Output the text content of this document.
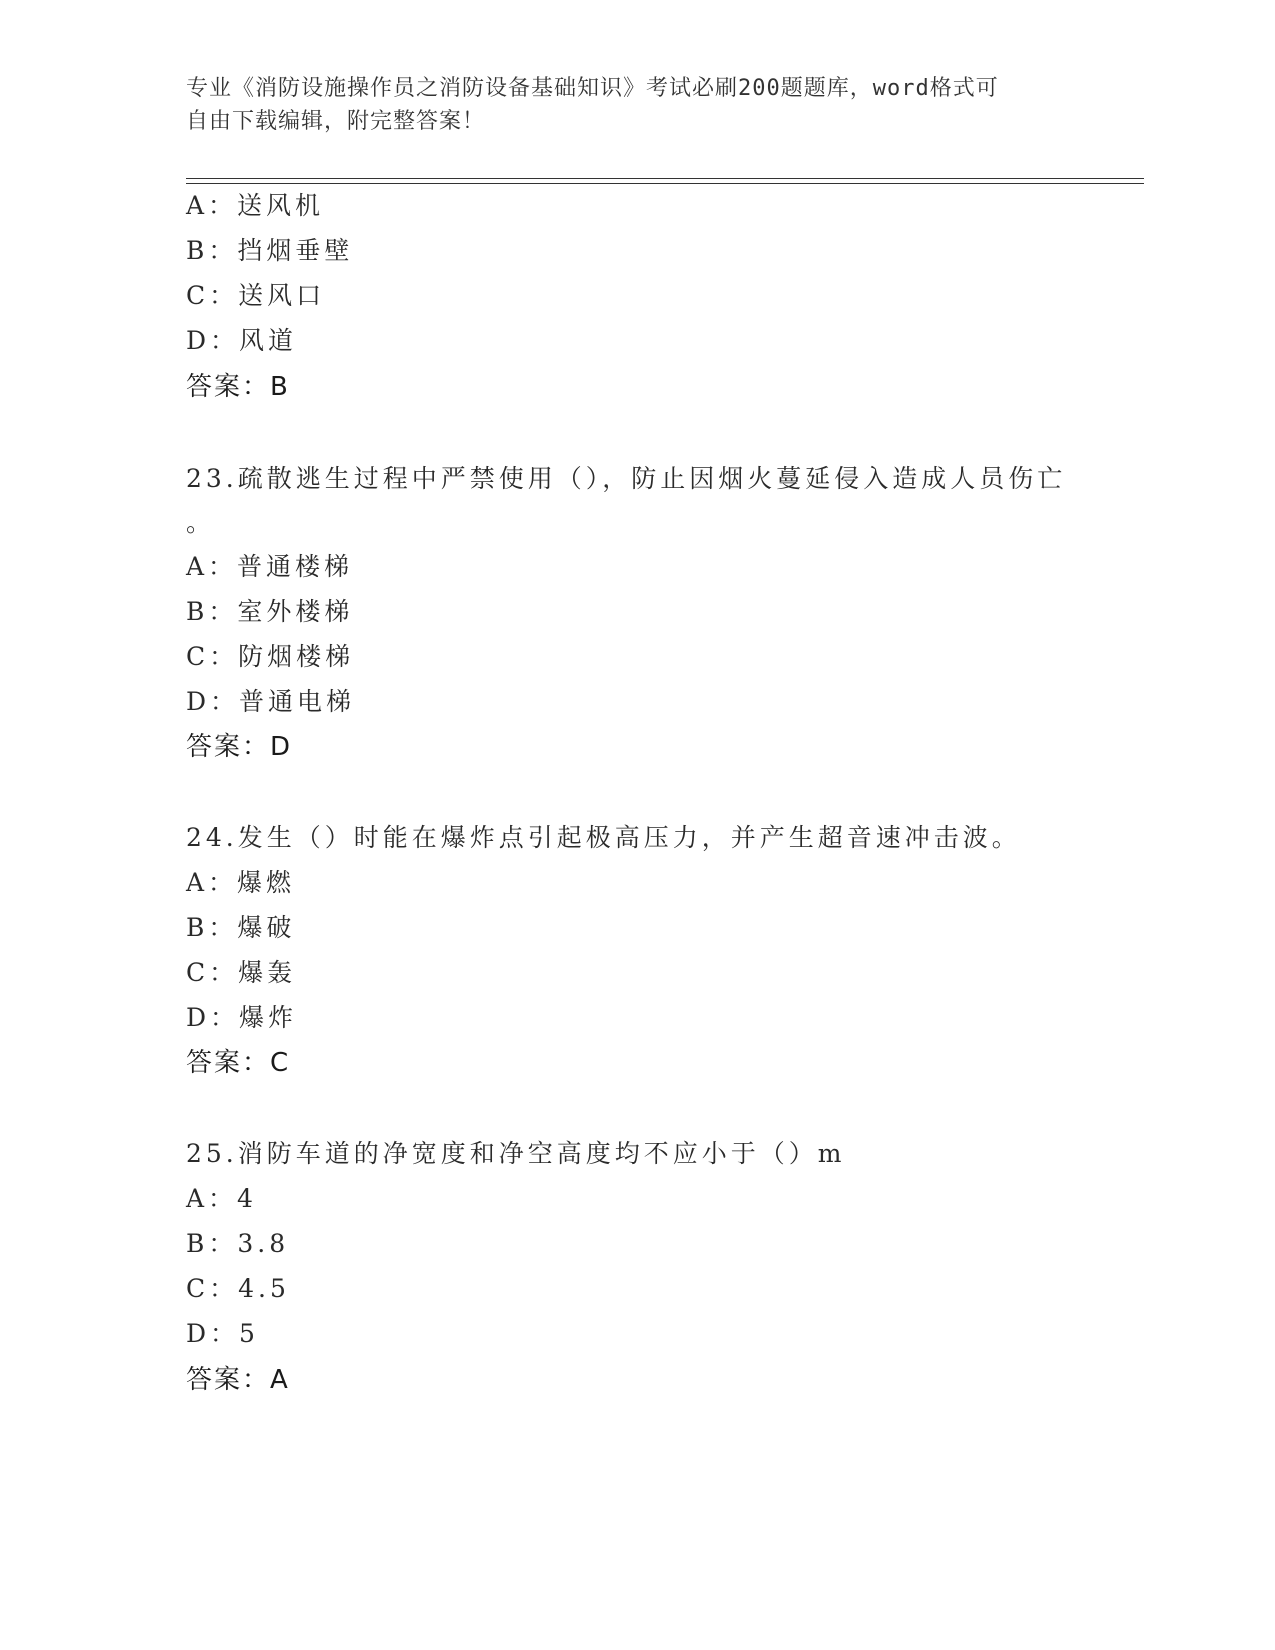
专业《消防设施操作员之消防设备基础知识》考试必刷200题题库，word格式可
自由下载编辑，附完整答案！
A：送风机
B：挡烟垂壁
C：送风口
D：风道
答案：B
23.疏散逃生过程中严禁使用（），防止因烟火蔓延侵入造成人员伤亡
。
A：普通楼梯
B：室外楼梯
C：防烟楼梯
D：普通电梯
答案：D
24.发生（）时能在爆炸点引起极高压力，并产生超音速冲击波。
A：爆燃
B：爆破
C：爆轰
D：爆炸
答案：C
25.消防车道的净宽度和净空高度均不应小于（）m
A：4
B：3.8
C：4.5
D：5
答案：A
